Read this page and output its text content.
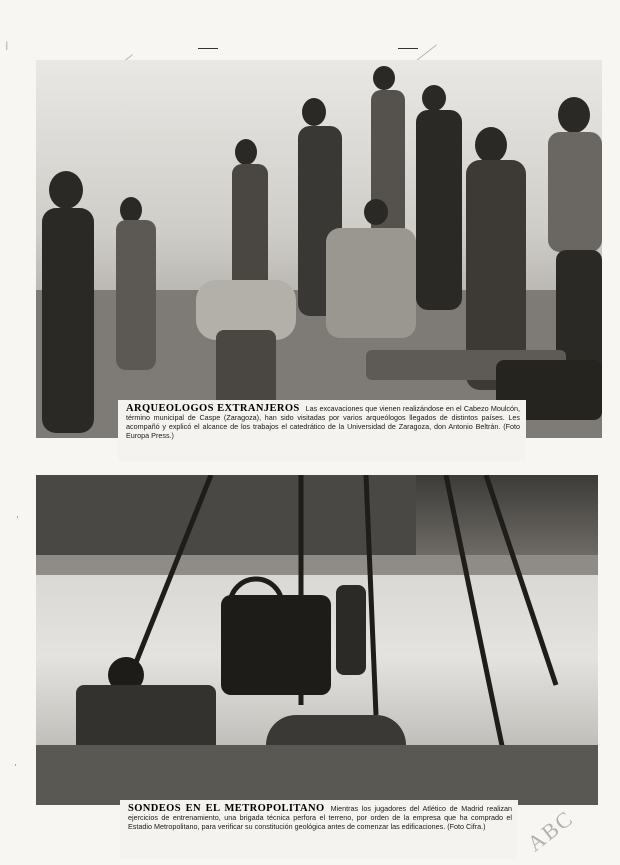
ABC
ARQUEOLOGOS EXTRANJEROS Las excavaciones que vienen realizándose en el Cabezo Moulcón, término municipal de Caspe (Zaragoza), han sido visitadas por varios arqueólogos llegados de distintos países. Les acompañó y explicó el alcance de los trabajos el catedrático de la Universidad de Zaragoza, don Antonio Beltrán. (Foto Europa Press.)
SONDEOS EN EL METROPOLITANO Mientras los jugadores del Atlético de Madrid realizan ejercicios de entrenamiento, una brigada técnica perfora el terreno, por orden de la empresa que ha comprado el Estadio Metropolitano, para verificar su constitución geológica antes de comenzar las edificaciones. (Foto Cifra.)
|
·
·
